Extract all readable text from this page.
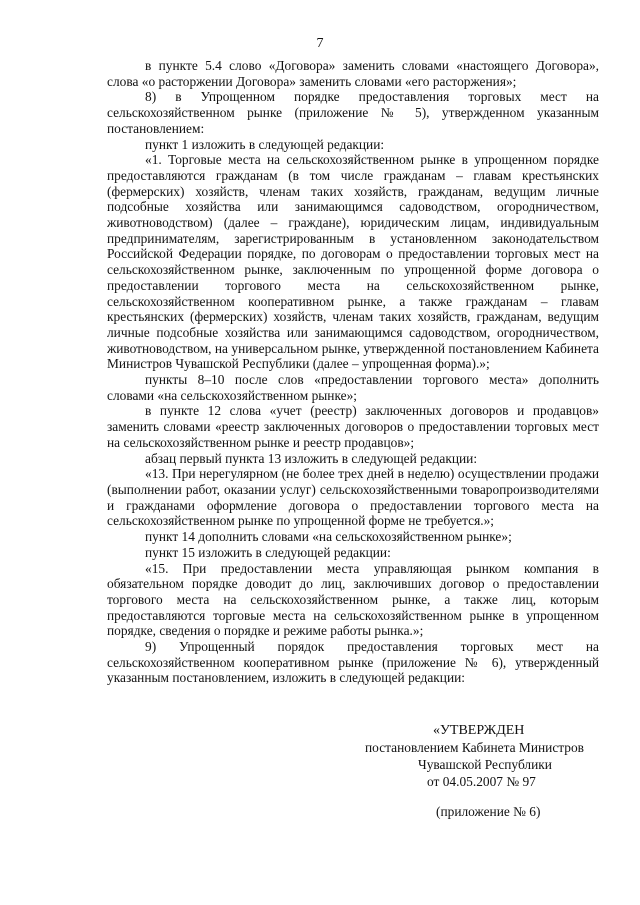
7

в пункте 5.4 слово «Договора» заменить словами «настоящего Договора», слова «о расторжении Договора» заменить словами «его расторжения»;

8) в Упрощенном порядке предоставления торговых мест на сельскохозяйственном рынке (приложение № 5), утвержденном указанным постановлением:

пункт 1 изложить в следующей редакции:

«1. Торговые места на сельскохозяйственном рынке в упрощенном порядке предоставляются гражданам (в том числе гражданам – главам крестьянских (фермерских) хозяйств, членам таких хозяйств, гражданам, ведущим личные подсобные хозяйства или занимающимся садоводством, огородничеством, животноводством) (далее – граждане), юридическим лицам, индивидуальным предпринимателям, зарегистрированным в установленном законодательством Российской Федерации порядке, по договорам о предоставлении торговых мест на сельскохозяйственном рынке, заключенным по упрощенной форме договора о предоставлении торгового места на сельскохозяйственном рынке, сельскохозяйственном кооперативном рынке, а также гражданам – главам крестьянских (фермерских) хозяйств, членам таких хозяйств, гражданам, ведущим личные подсобные хозяйства или занимающимся садоводством, огородничеством, животноводством, на универсальном рынке, утвержденной постановлением Кабинета Министров Чувашской Республики (далее – упрощенная форма).»;

пункты 8–10 после слов «предоставлении торгового места» дополнить словами «на сельскохозяйственном рынке»;

в пункте 12 слова «учет (реестр) заключенных договоров и продавцов» заменить словами «реестр заключенных договоров о предоставлении торговых мест на сельскохозяйственном рынке и реестр продавцов»;

абзац первый пункта 13 изложить в следующей редакции:

«13. При нерегулярном (не более трех дней в неделю) осуществлении продажи (выполнении работ, оказании услуг) сельскохозяйственными товаропроизводителями и гражданами оформление договора о предоставлении торгового места на сельскохозяйственном рынке по упрощенной форме не требуется.»;

пункт 14 дополнить словами «на сельскохозяйственном рынке»;

пункт 15 изложить в следующей редакции:

«15. При предоставлении места управляющая рынком компания в обязательном порядке доводит до лиц, заключивших договор о предоставлении торгового места на сельскохозяйственном рынке, а также лиц, которым предоставляются торговые места на сельскохозяйственном рынке в упрощенном порядке, сведения о порядке и режиме работы рынка.»;

9) Упрощенный порядок предоставления торговых мест на сельскохозяйственном кооперативном рынке (приложение № 6), утвержденный указанным постановлением, изложить в следующей редакции:

«УТВЕРЖДЕН
постановлением Кабинета Министров
Чувашской Республики
от 04.05.2007 № 97
(приложение № 6)
